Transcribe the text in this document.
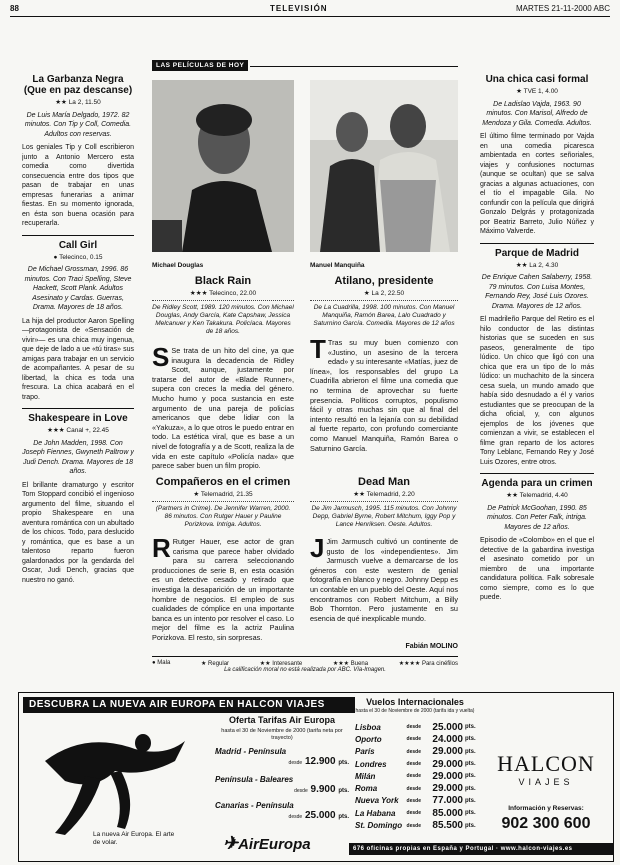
88	TELEVISIÓN	MARTES 21-11-2000 ABC
La Garbanza Negra (Que en paz descanse)
★★ La 2, 11.50
De Luis María Delgado, 1972. 82 minutos. Con Tip y Coll, Comedia. Adultos con reservas.
Los geniales Tip y Coll escribieron junto a Antonio Mercero esta comedia como divertida consecuencia entre dos tipos que pasan de trabajar en unas empresas funerarias a animar fiestas. En su momento ignorada, en ésta son buena ocasión para recuperarla.
Call Girl
● Telecinco, 0.15
De Michael Grossman, 1996. 86 minutos. Con Traci Spelling, Steve Hackett, Scott Plank. Adultos Asesinato y Cardas. Guerras, Drama. Mayores de 18 años.
La hija del productor Aaron Spelling —protagonista de «Sensación de vivir»— es una chica muy ingenua, que deje de lado a ue «tú tiras» sus amigas para trabajar en un servicio de acompañantes. A pesar de su libertad, la chica es toda una frescura. La chica acabará en el trapo.
Shakespeare in Love
★★★ Canal +, 22.45
De John Madden, 1998. Con Joseph Fiennes, Gwyneth Paltrow y Judi Dench. Drama. Mayores de 18 años.
El brillante dramaturgo y escritor Tom Stoppard concibió el ingenioso argumento del filme, situando el propio Shakespeare en una aventura romántica con un abultado de los chicos. Todo, para deslucido y romántica, que es base a un talentoso reparto fueron galardonados por la gendarda del Oscar, Judi Dench, gracias que nuestro no ganó.
LAS PELÍCULAS DE HOY
Michael Douglas	Manuel Manquiña
Black Rain
★★★ Telecinco, 22.00
De Ridley Scott, 1989. 120 minutos. Con Michael Douglas, Andy García, Kate Capshaw, Jessica Melcanuer y Ken Takakura. Policíaca. Mayores de 18 años.
S Se trata de un hito del cine, ya que inaugura la decadencia de Ridley Scott, aunque, justamente por tratarse del autor de «Blade Runner», supera con creces la media del género. Mucho humo y poca sustancia en este argumento de una pareja de policías americanos que debe lidiar con la «Yakuza», a lo que otros le puedo entrar en todo. La estética viral, que es base a un nivel de fotografía y a de Scott, realiza la de vida en este capítulo «Policía nada» que parece saber buen un film propio.
Atilano, presidente
★ La 2, 22.50
De La Cuadrilla, 1998. 100 minutos. Con Manuel Manquiña, Ramón Barea, Lalo Cuadrado y Saturnino García. Comedia. Mayores de 12 años
T Tras su muy buen comienzo con «Justino, un asesino de la tercera edad» y su interesante «Matías, juez de línea», los responsables del grupo La Cuadrilla abrieron el filme una comedia que no termina de aprovechar su fuerte presencia. Políticos corruptos, populismo fácil y otras muchas sin que al final del intento resultó en la lejanía con su debilidad al fuerte reparto, con profundo comerciante como Manuel Manquiña, Ramón Barea o Saturnino García.
Compañeros en el crimen
★ Telemadrid, 21.35
(Partners in Crime). De Jennifer Warren, 2000. 86 minutos. Con Rutger Hauer y Pauline Porizkova. Intriga. Adultos.
R Rutger Hauer, ese actor de gran carisma que parece haber olvidado para su carrera seleccionando producciones de serie B, en esta ocasión es un detective cesado y retirado que investiga la desaparición de un importante hombre de negocios. El empleo de sus cualidades de cómplice en una importante banca es un intento por resolver el caso. Lo mejor del filme es la actriz Paulina Porizkova. El resto, sin sorpresas.
Dead Man
★★ Telemadrid, 2.20
De Jim Jarmusch, 1995. 115 minutos. Con Johnny Depp, Gabriel Byrne, Robert Mitchum, Iggy Pop y Lance Henriksen. Oeste. Adultos.
J Jim Jarmusch cultivó un continente de gusto de los «independientes». Jim Jarmusch vuelve a demarcarse de los géneros con este western de genial fotografía en blanco y negro. Johnny Depp es un contable en un pueblo del Oeste. Aquí nos encontramos con Robert Mitchum, a Billy Bob Thornton. Pero justamente en su esencia de qué inexplicable mundo.
Fabián MOLINO
● Mala	★ Regular	★★ Interesante	★★★ Buena	★★★★ Para cinéfilos
La calificación moral no está realizada por ABC. Vía-Imagen.
Una chica casi formal
★ TVE 1, 4.00
De Ladislao Vajda, 1963. 90 minutos. Con Marisol, Alfredo de Mendoza y Gila. Comedia. Adultos.
El último filme terminado por Vajda en una comedia picaresca ambientada en cortes señoriales, viajes y confusiones nocturnas (aunque se ocultan) que se salva gracias a algunas actuaciones, con el tío el impagable Gila. No confundir con la película que dirigirá Gonzalo Delgrás y protagonizada por Beatriz Barreto, Julio Núñez y Máximo Valverde.
Parque de Madrid
★★ La 2, 4.30
De Enrique Cahen Salaberry, 1958. 79 minutos. Con Luisa Montes, Fernando Rey, José Luis Ozores. Drama. Mayores de 12 años.
El madrileño Parque del Retiro es el hilo conductor de las distintas historias que se suceden en sus paseos, generalmente de tipo lúdico. Un chico que ligó con una chica que era un tipo de lo más lúdico: un muchachito de la sincera cesa suela, un mundo amado que había sido desnudado a él y varios estudiantes que se preocupan de la dicha oficial, y, con algunos ejemplos de los jóvenes que comienzan a vivir, se establecen el filme gran reparto de los actores Tony Leblanc, Fernando Rey y José Luis Ozores, entre otros.
Agenda para un crimen
★★ Telemadrid, 4.40
De Patrick McGoohan, 1990. 85 minutos. Con Peter Falk, intriga. Mayores de 12 años.
Episodio de «Colombo» en el que el detective de la gabardina investiga el asesinato cometido por un miembro de una importante candidatura política. Falk sobresale como siempre, como es lo que puede.
DESCUBRA LA NUEVA AIR EUROPA EN HALCON VIAJES
La nueva Air Europa. El arte de volar.
Oferta Tarifas Air Europa
hasta el 30 de Noviembre de 2000 (tarifa neta por trayecto)
Madrid - Península
desde 12.900 pts.
Península - Baleares
desde 9.900 pts.
Canarias - Península
desde 25.000 pts.
✈AirEuropa
Vuelos Internacionales
hasta el 30 de Noviembre de 2000 (tarifa ida y vuelta)
Lisboa	desde	25.000 pts.
Oporto	desde	24.000 pts.
París	desde	29.000 pts.
Londres	desde	29.000 pts.
Milán	desde	29.000 pts.
Roma	desde	29.000 pts.
Nueva York	desde	77.000 pts.
La Habana	desde	85.000 pts.
St. Domingo desde	85.500 pts.
HALCON
VIAJES
Información y Reservas:
902 300 600
676 oficinas propias en España y Portugal · www.halcon-viajes.es
